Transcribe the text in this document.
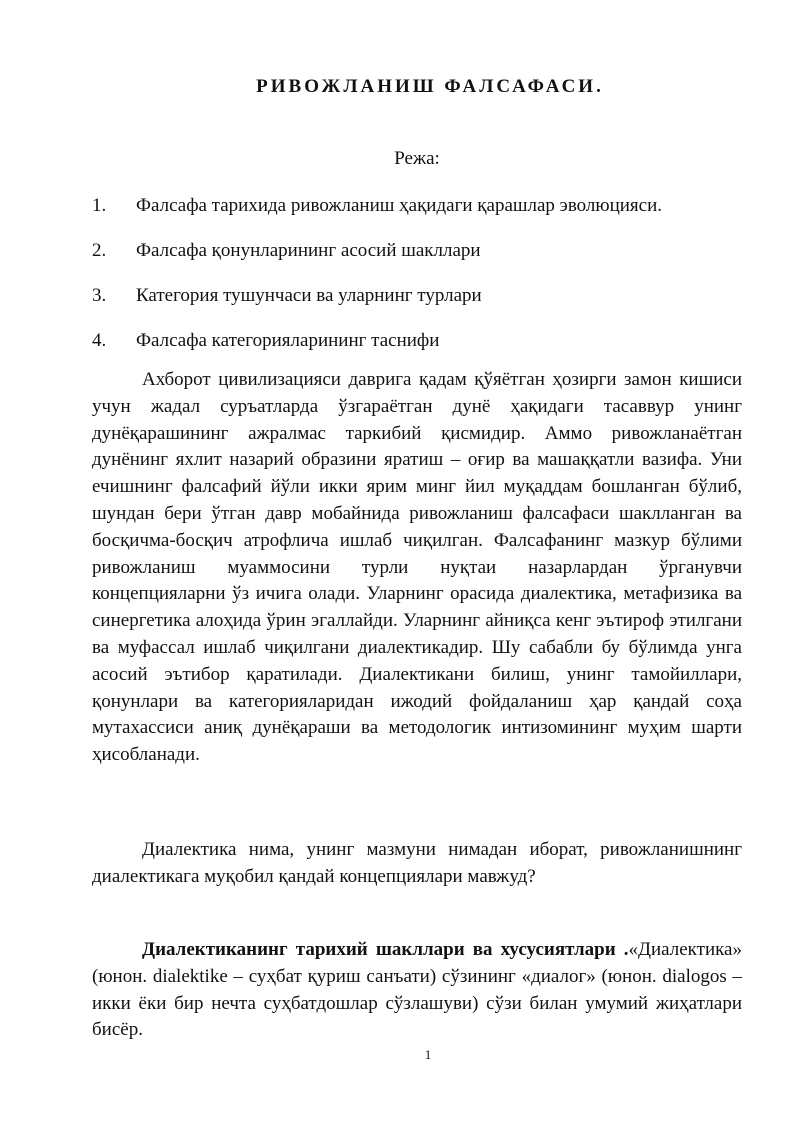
РИВОЖЛАНИШ ФАЛСАФАСИ.
Режа:
1. Фалсафа тарихида ривожланиш ҳақидаги қарашлар эволюцияси.
2. Фалсафа қонунларининг асосий шакллари
3. Категория тушунчаси ва уларнинг турлари
4. Фалсафа категорияларининг таснифи

Ахборот цивилизацияси даврига қадам қўяётган ҳозирги замон кишиси учун жадал суръатларда ўзгараётган дунё ҳақидаги тасаввур унинг дунёқарашининг ажралмас таркибий қисмидир. Аммо ривожланаётган дунёнинг яхлит назарий образини яратиш – оғир ва машаққатли вазифа. Уни ечишнинг фалсафий йўли икки ярим минг йил муқаддам бошланган бўлиб, шундан бери ўтган давр мобайнида ривожланиш фалсафаси шаклланган ва босқичма-босқич атрофлича ишлаб чиқилган. Фалсафанинг мазкур бўлими ривожланиш муаммосини турли нуқтаи назарлардан ўрганувчи концепцияларни ўз ичига олади. Уларнинг орасида диалектика, метафизика ва синергетика алоҳида ўрин эгаллайди. Уларнинг айниқса кенг эътироф этилгани ва муфассал ишлаб чиқилгани диалектикадир. Шу сабабли бу бўлимда унга асосий эътибор қаратилади. Диалектикани билиш, унинг тамойиллари, қонунлари ва категорияларидан ижодий фойдаланиш ҳар қандай соҳа мутахассиси аниқ дунёқараши ва методологик интизомининг муҳим шарти ҳисобланади.

Диалектика нима, унинг мазмуни нимадан иборат, ривожланишнинг диалектикага муқобил қандай концепциялари мавжуд?

Диалектиканинг тарихий шакллари ва хусусиятлари .«Диалектика» (юнон. dialektike – суҳбат қуриш санъати) сўзининг «диалог» (юнон. dialogos – икки ёки бир нечта суҳбатдошлар сўзлашуви) сўзи билан умумий жиҳатлари бисёр.

1
